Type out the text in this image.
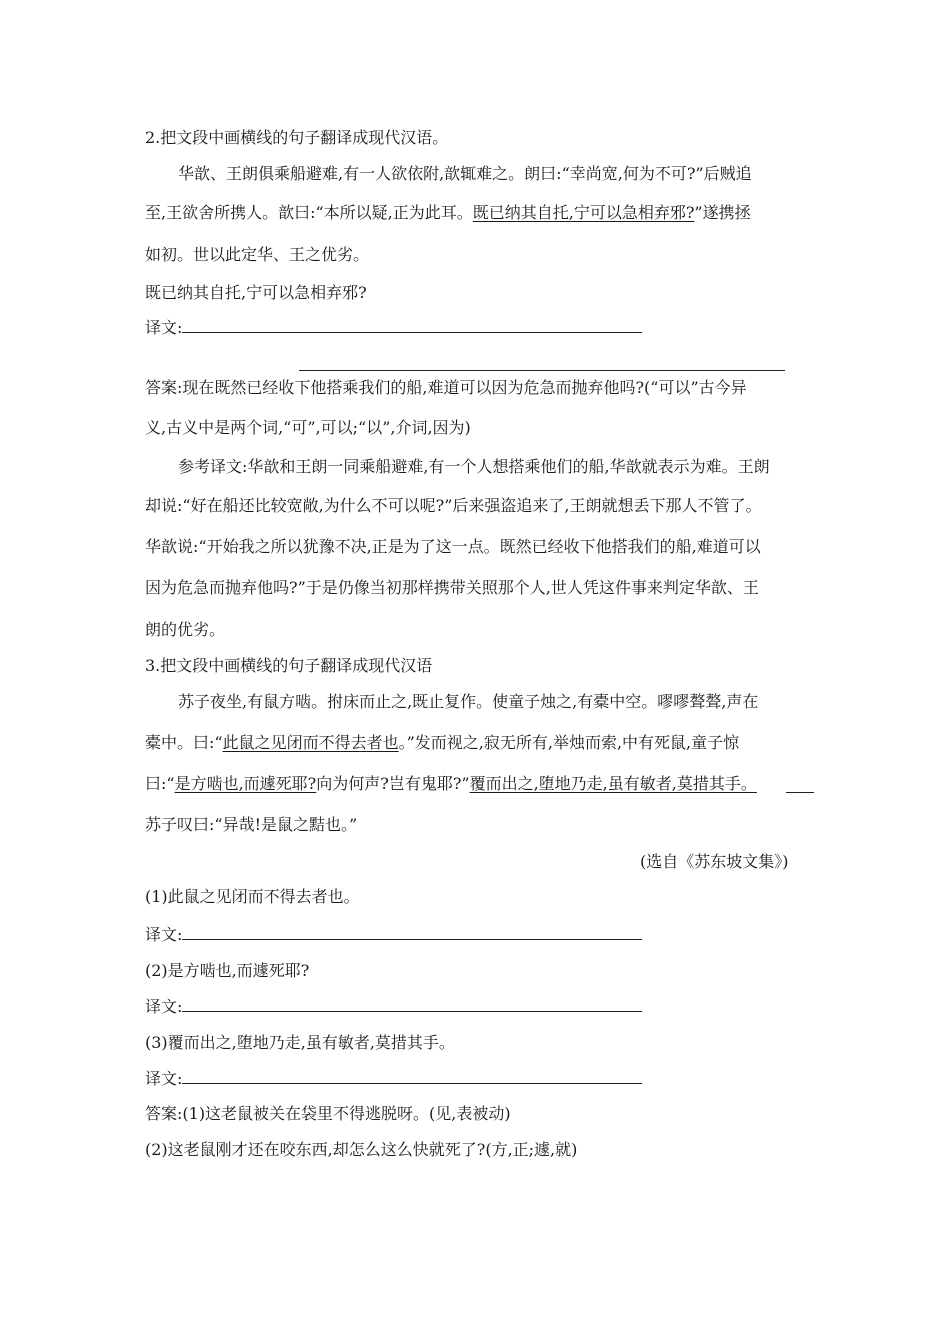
2.把文段中画横线的句子翻译成现代汉语。
华歆、王朗俱乘船避难,有一人欲依附,歆辄难之。朗曰:“幸尚宽,何为不可?”后贼追
至,王欲舍所携人。歆曰:“本所以疑,正为此耳。既已纳其自托,宁可以急相弃邪?”遂携拯
如初。世以此定华、王之优劣。
既已纳其自托,宁可以急相弃邪?
译文:
答案:现在既然已经收下他搭乘我们的船,难道可以因为危急而抛弃他吗?(“可以”古今异
义,古义中是两个词,“可”,可以;“以”,介词,因为)
参考译文:华歆和王朗一同乘船避难,有一个人想搭乘他们的船,华歆就表示为难。王朗
却说:“好在船还比较宽敞,为什么不可以呢?”后来强盗追来了,王朗就想丢下那人不管了。
华歆说:“开始我之所以犹豫不决,正是为了这一点。既然已经收下他搭我们的船,难道可以
因为危急而抛弃他吗?”于是仍像当初那样携带关照那个人,世人凭这件事来判定华歆、王
朗的优劣。
3.把文段中画横线的句子翻译成现代汉语
苏子夜坐,有鼠方啮。拊床而止之,既止复作。使童子烛之,有橐中空。嘐嘐聱聱,声在
橐中。曰:“此鼠之见闭而不得去者也。”发而视之,寂无所有,举烛而索,中有死鼠,童子惊
曰:“是方啮也,而遽死耶?向为何声?岂有鬼耶?”覆而出之,堕地乃走,虽有敏者,莫措其手。
苏子叹曰:“异哉!是鼠之黠也。”
(选自《苏东坡文集》)
(1)此鼠之见闭而不得去者也。
译文:
(2)是方啮也,而遽死耶?
译文:
(3)覆而出之,堕地乃走,虽有敏者,莫措其手。
译文:
答案:(1)这老鼠被关在袋里不得逃脱呀。(见,表被动)
(2)这老鼠刚才还在咬东西,却怎么这么快就死了?(方,正;遽,就)
